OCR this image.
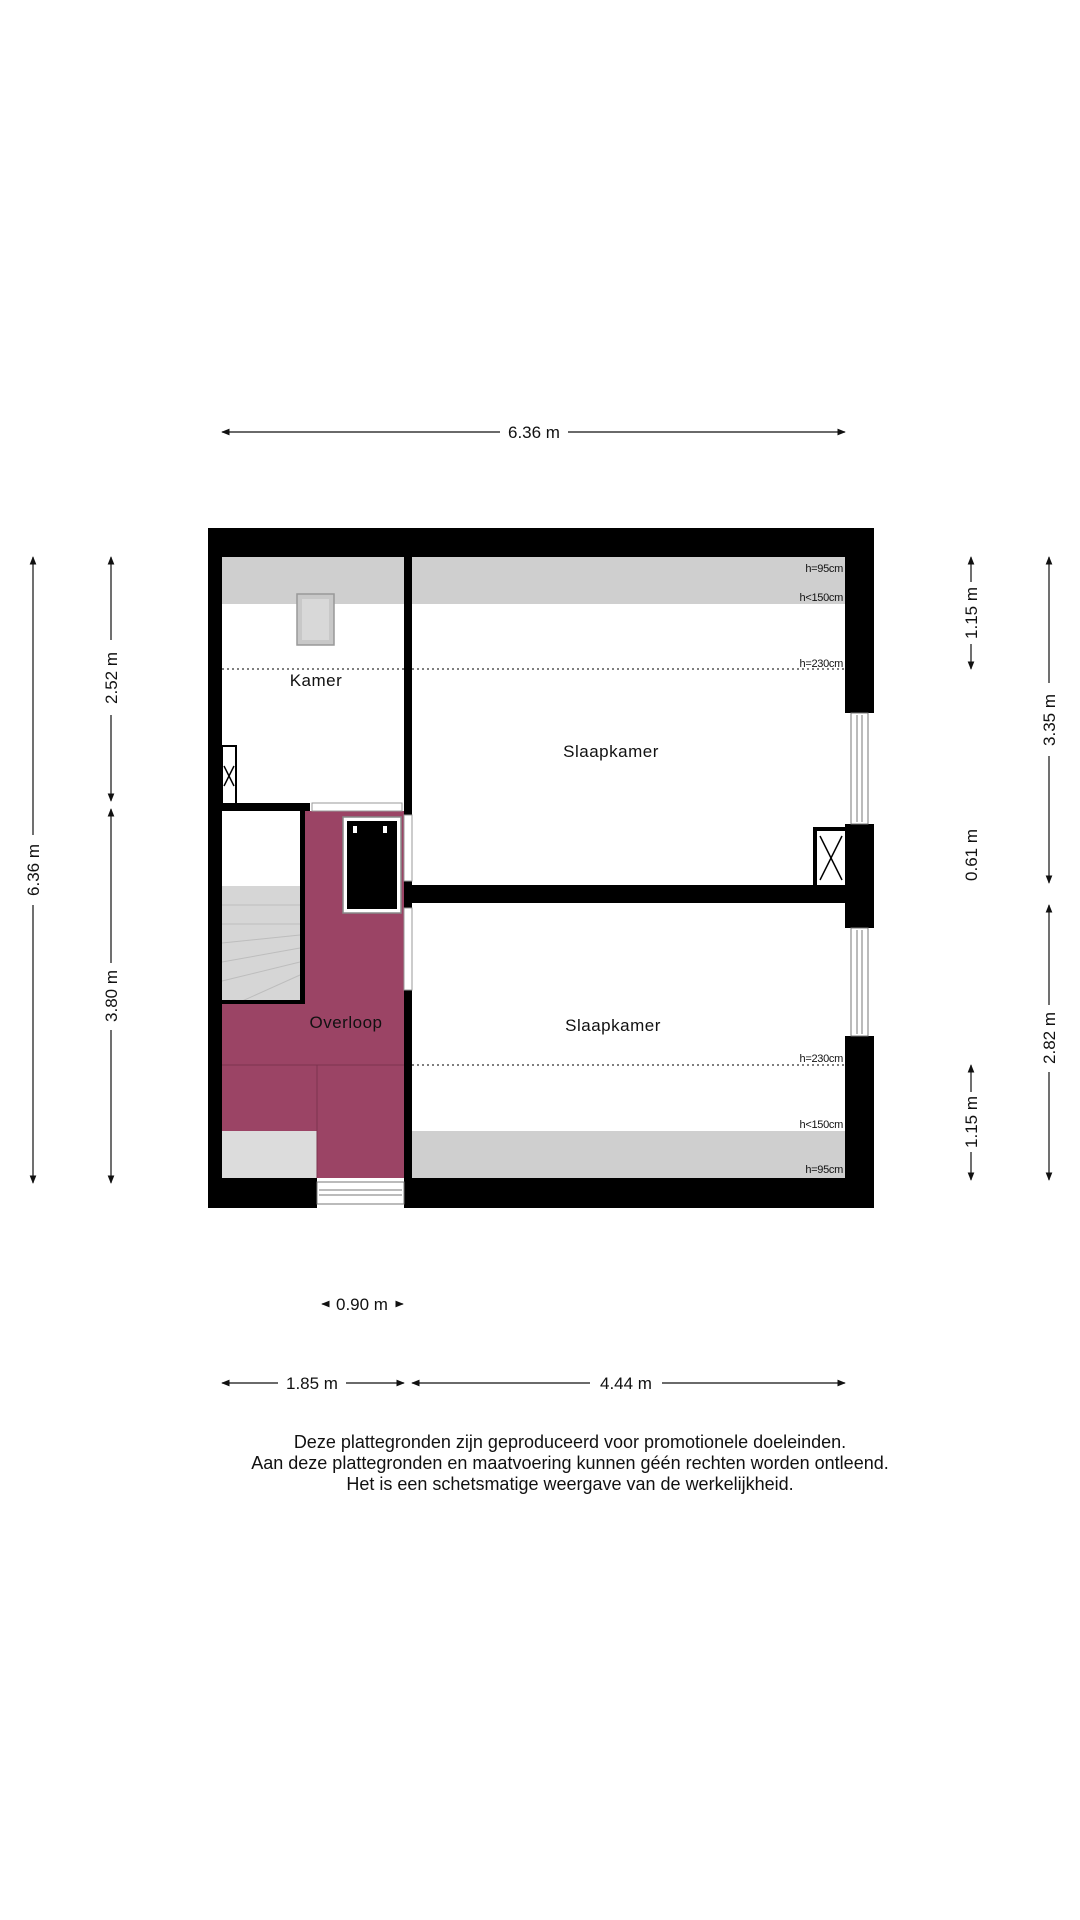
Kamer
Slaapkamer
Slaapkamer
Overloop
h=95cm
h<150cm
h=230cm
h=230cm
h<150cm
h=95cm
6.36 m
1.85 m	4.44 m
0.90 m
6.36 m
2.52 m
3.80 m
1.15 m
0.61 m
1.15 m
3.35 m
2.82 m
Deze plattegronden zijn geproduceerd voor promotionele doeleinden.
Aan deze plattegronden en maatvoering kunnen géén rechten worden ontleend.
Het is een schetsmatige weergave van de werkelijkheid.
